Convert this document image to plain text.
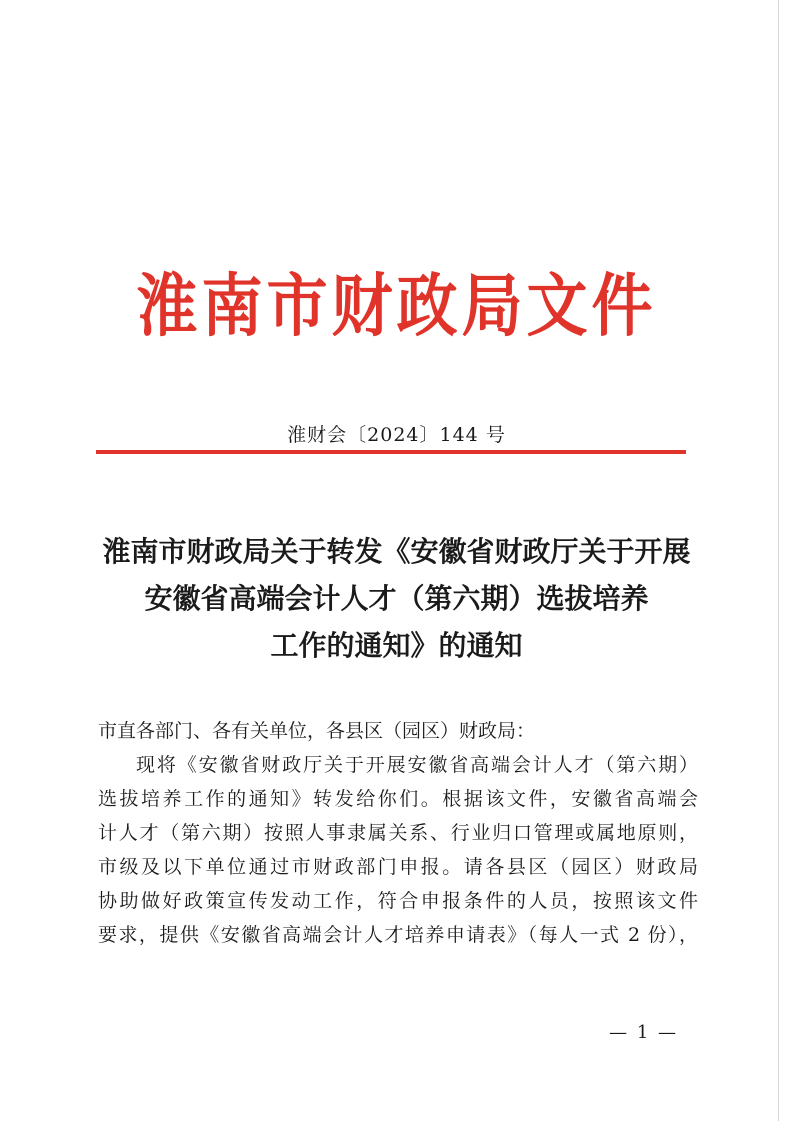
淮南市财政局文件
淮财会〔2024〕144 号
淮南市财政局关于转发《安徽省财政厅关于开展
安徽省高端会计人才（第六期）选拔培养
工作的通知》的通知
市直各部门、各有关单位，各县区（园区）财政局：
现将《安徽省财政厅关于开展安徽省高端会计人才（第六期）
选拔培养工作的通知》转发给你们。根据该文件，安徽省高端会
计人才（第六期）按照人事隶属关系、行业归口管理或属地原则，
市级及以下单位通过市财政部门申报。请各县区（园区）财政局
协助做好政策宣传发动工作，符合申报条件的人员，按照该文件
要求，提供《安徽省高端会计人才培养申请表》（每人一式 2 份），
— 1 —
